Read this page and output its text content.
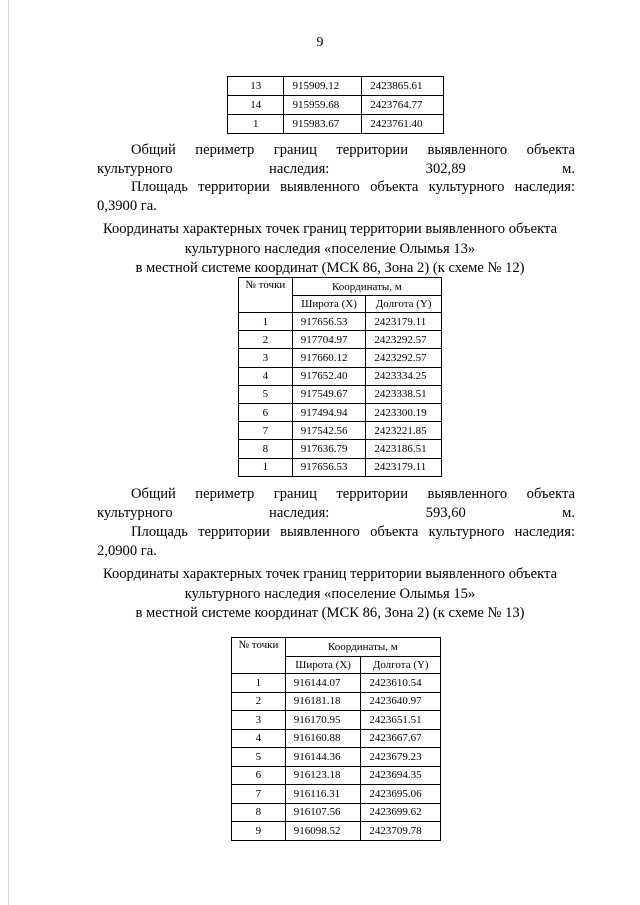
9
13	915909.12	2423865.61
14	915959.68	2423764.77
1	915983.67	2423761.40

Общий периметр границ территории выявленного объекта культурного наследия: 302,89 м.

Площадь территории выявленного объекта культурного наследия: 0,3900 га.

Координаты характерных точек границ территории выявленного объекта
культурного наследия «поселение Олымья 13»
в местной системе координат (МСК 86, Зона 2) (к схеме № 12)

№ точки	Координаты, м	
	Широта (X)	Долгота (Y)
1	917656.53	2423179.11
2	917704.97	2423292.57
3	917660.12	2423292.57
4	917652.40	2423334.25
5	917549.67	2423338.51
6	917494.94	2423300.19
7	917542.56	2423221.85
8	917636.79	2423186.51
1	917656.53	2423179.11

Общий периметр границ территории выявленного объекта культурного наследия: 593,60 м.

Площадь территории выявленного объекта культурного наследия: 2,0900 га.

Координаты характерных точек границ территории выявленного объекта
культурного наследия «поселение Олымья 15»
в местной системе координат (МСК 86, Зона 2) (к схеме № 13)

№ точки	Координаты, м	
	Широта (X)	Долгота (Y)
1	916144.07	2423610.54
2	916181.18	2423640.97
3	916170.95	2423651.51
4	916160.88	2423667.67
5	916144.36	2423679.23
6	916123.18	2423694.35
7	916116.31	2423695.06
8	916107.56	2423699.62
9	916098.52	2423709.78
